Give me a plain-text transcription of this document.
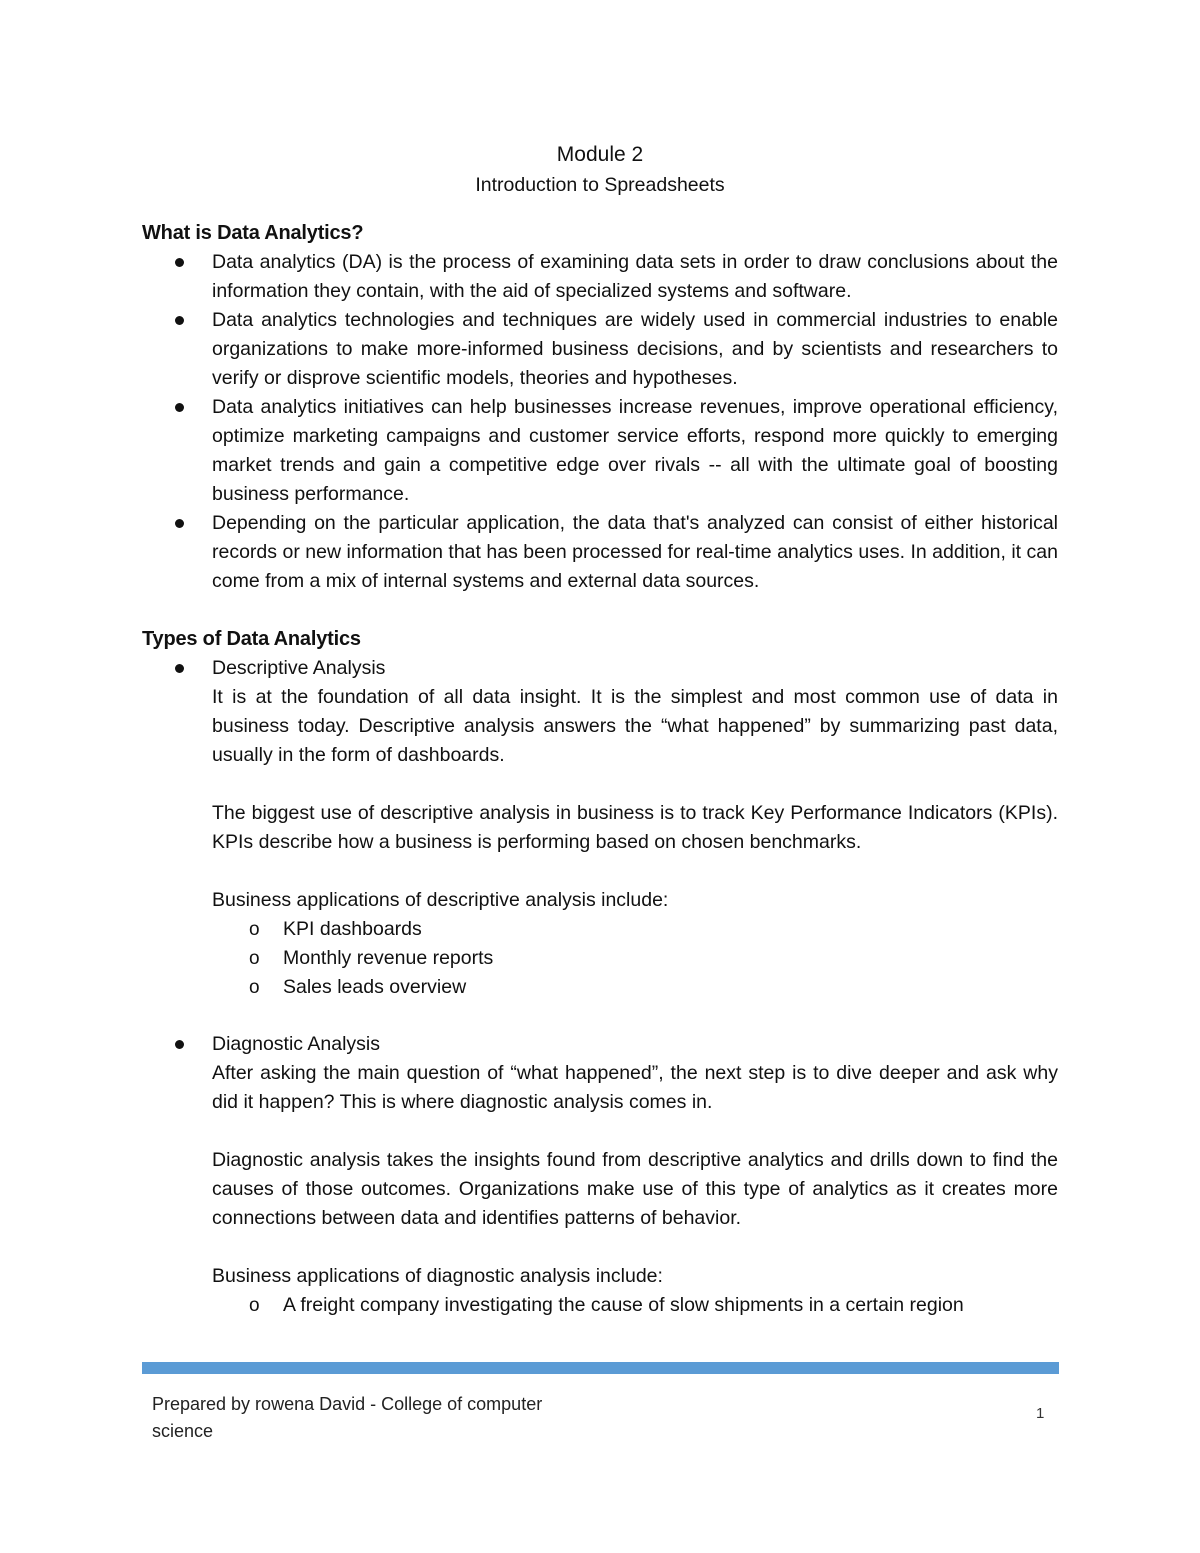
Module 2
Introduction to Spreadsheets
What is Data Analytics?
Data analytics (DA) is the process of examining data sets in order to draw conclusions about the information they contain, with the aid of specialized systems and software.
Data analytics technologies and techniques are widely used in commercial industries to enable organizations to make more-informed business decisions, and by scientists and researchers to verify or disprove scientific models, theories and hypotheses.
Data analytics initiatives can help businesses increase revenues, improve operational efficiency, optimize marketing campaigns and customer service efforts, respond more quickly to emerging market trends and gain a competitive edge over rivals -- all with the ultimate goal of boosting business performance.
Depending on the particular application, the data that's analyzed can consist of either historical records or new information that has been processed for real-time analytics uses. In addition, it can come from a mix of internal systems and external data sources.
Types of Data Analytics
Descriptive Analysis

It is at the foundation of all data insight. It is the simplest and most common use of data in business today. Descriptive analysis answers the “what happened” by summarizing past data, usually in the form of dashboards.

The biggest use of descriptive analysis in business is to track Key Performance Indicators (KPIs). KPIs describe how a business is performing based on chosen benchmarks.

Business applications of descriptive analysis include:

o KPI dashboards
o Monthly revenue reports
o Sales leads overview
Diagnostic Analysis

After asking the main question of “what happened”, the next step is to dive deeper and ask why did it happen? This is where diagnostic analysis comes in.

Diagnostic analysis takes the insights found from descriptive analytics and drills down to find the causes of those outcomes. Organizations make use of this type of analytics as it creates more connections between data and identifies patterns of behavior.

Business applications of diagnostic analysis include:

o A freight company investigating the cause of slow shipments in a certain region
Prepared by rowena David - College of computer science
1
